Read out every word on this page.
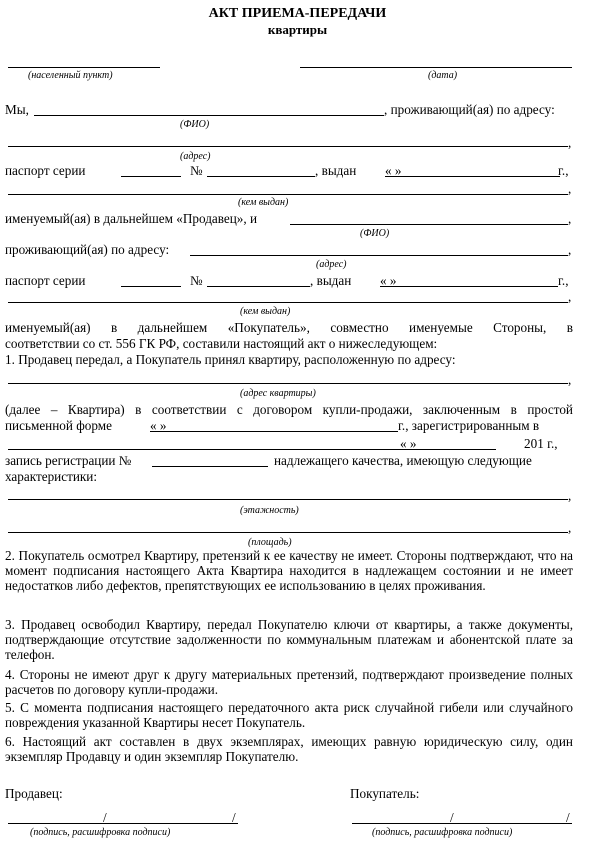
АКТ ПРИЕМА-ПЕРЕДАЧИ
квартиры
(населенный пункт)	(дата)
Мы,	, проживающий(ая) по адресу:
(ФИО)
,
(адрес)
паспорт серии	№	, выдан « »	г.,
,
(кем выдан)
именуемый(ая) в дальнейшем «Продавец», и	,
(ФИО)
проживающий(ая) по адресу:	,
(адрес)
паспорт серии	№	, выдан « »	г.,
,
(кем выдан)
именуемый(ая) в дальнейшем «Покупатель», совместно именуемые Стороны, в
соответствии со ст. 556 ГК РФ, составили настоящий акт о нижеследующем:
1. Продавец передал, а Покупатель принял квартиру, расположенную по адресу:
,
(адрес квартиры)
(далее – Квартира) в соответствии с договором купли-продажи, заключенным в простой
письменной форме	« »	г., зарегистрированным в
« »	201 г.,
запись регистрации №	надлежащего качества, имеющую следующие
характеристики:
,
(этажность)
,
(площадь)
2. Покупатель осмотрел Квартиру, претензий к ее качеству не имеет. Стороны подтверждают, что на момент подписания настоящего Акта Квартира находится в надлежащем состоянии и не имеет недостатков либо дефектов, препятствующих ее использованию в целях проживания.
3. Продавец освободил Квартиру, передал Покупателю ключи от квартиры, а также документы, подтверждающие отсутствие задолженности по коммунальным платежам и абонентской плате за телефон.
4. Стороны не имеют друг к другу материальных претензий, подтверждают произведение полных расчетов по договору купли-продажи.
5. С момента подписания настоящего передаточного акта риск случайной гибели или случайного повреждения указанной Квартиры несет Покупатель.
6. Настоящий акт составлен в двух экземплярах, имеющих равную юридическую силу, один экземпляр Продавцу и один экземпляр Покупателю.
Продавец:	Покупатель:
/	/	/	/
(подпись, расшифровка подписи)	(подпись, расшифровка подписи)
